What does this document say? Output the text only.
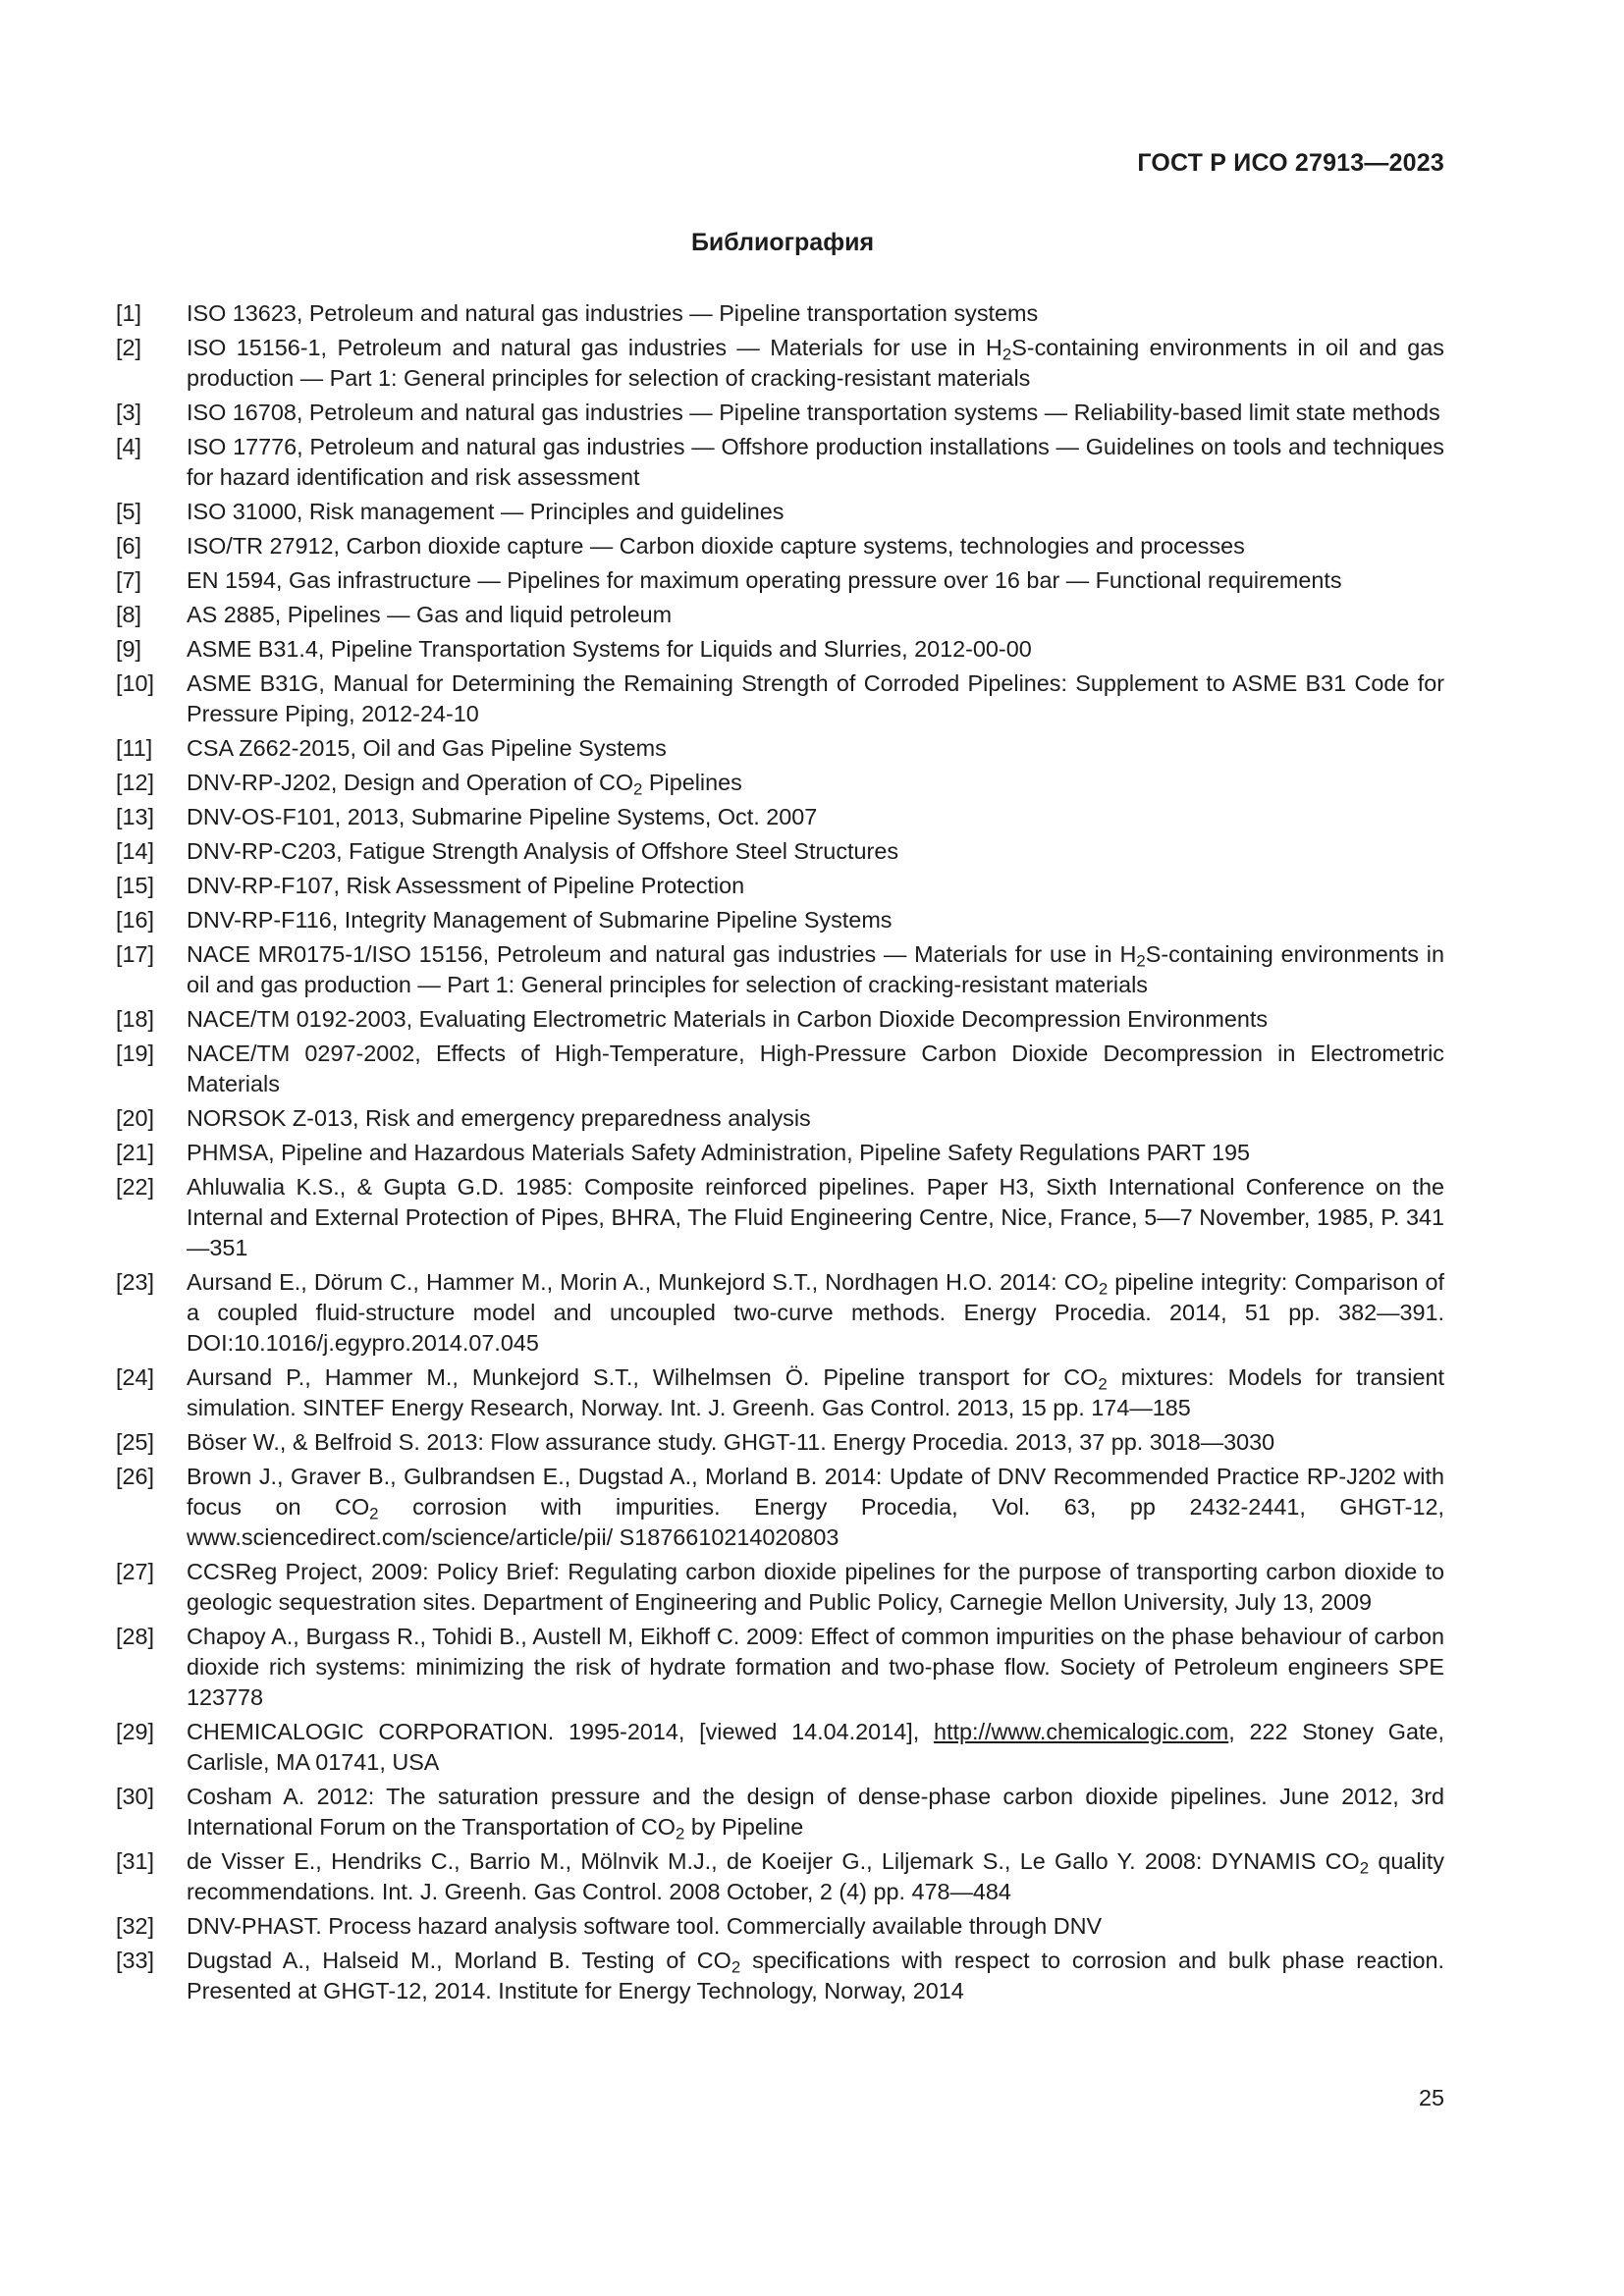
ГОСТ Р ИСО 27913—2023
Библиография
[1]	ISO 13623, Petroleum and natural gas industries — Pipeline transportation systems
[2]	ISO 15156-1, Petroleum and natural gas industries — Materials for use in $H_2S$-containing environments in oil and gas production — Part 1: General principles for selection of cracking-resistant materials
[3]	ISO 16708, Petroleum and natural gas industries — Pipeline transportation systems — Reliability-based limit state methods
[4]	ISO 17776, Petroleum and natural gas industries — Offshore production installations — Guidelines on tools and techniques for hazard identification and risk assessment
[5]	ISO 31000, Risk management — Principles and guidelines
[6]	ISO/TR 27912, Carbon dioxide capture — Carbon dioxide capture systems, technologies and processes
[7]	EN 1594, Gas infrastructure — Pipelines for maximum operating pressure over 16 bar — Functional requirements
[8]	AS 2885, Pipelines — Gas and liquid petroleum
[9]	ASME B31.4, Pipeline Transportation Systems for Liquids and Slurries, 2012-00-00
[10]	ASME B31G, Manual for Determining the Remaining Strength of Corroded Pipelines: Supplement to ASME B31 Code for Pressure Piping, 2012-24-10
[11]	CSA Z662-2015, Oil and Gas Pipeline Systems
[12]	DNV-RP-J202, Design and Operation of $CO_2$ Pipelines
[13]	DNV-OS-F101, 2013, Submarine Pipeline Systems, Oct. 2007
[14]	DNV-RP-C203, Fatigue Strength Analysis of Offshore Steel Structures
[15]	DNV-RP-F107, Risk Assessment of Pipeline Protection
[16]	DNV-RP-F116, Integrity Management of Submarine Pipeline Systems
[17]	NACE MR0175-1/ISO 15156, Petroleum and natural gas industries — Materials for use in $H_2S$-containing environments in oil and gas production — Part 1: General principles for selection of cracking-resistant materials
[18]	NACE/TM 0192-2003, Evaluating Electrometric Materials in Carbon Dioxide Decompression Environments
[19]	NACE/TM 0297-2002, Effects of High-Temperature, High-Pressure Carbon Dioxide Decompression in Electrometric Materials
[20]	NORSOK Z-013, Risk and emergency preparedness analysis
[21]	PHMSA, Pipeline and Hazardous Materials Safety Administration, Pipeline Safety Regulations PART 195
[22]	Ahluwalia K.S., & Gupta G.D. 1985: Composite reinforced pipelines. Paper H3, Sixth International Conference on the Internal and External Protection of Pipes, BHRA, The Fluid Engineering Centre, Nice, France, 5—7 November, 1985, P. 341—351
[23]	Aursand E., Dörum C., Hammer M., Morin A., Munkejord S.T., Nordhagen H.O. 2014: $CO_2$ pipeline integrity: Comparison of a coupled fluid-structure model and uncoupled two-curve methods. Energy Procedia. 2014, 51 pp. 382—391. DOI:10.1016/j.egypro.2014.07.045
[24]	Aursand P., Hammer M., Munkejord S.T., Wilhelmsen Ö. Pipeline transport for $CO_2$ mixtures: Models for transient simulation. SINTEF Energy Research, Norway. Int. J. Greenh. Gas Control. 2013, 15 pp. 174—185
[25]	Böser W., & Belfroid S. 2013: Flow assurance study. GHGT-11. Energy Procedia. 2013, 37 pp. 3018—3030
[26]	Brown J., Graver B., Gulbrandsen E., Dugstad A., Morland B. 2014: Update of DNV Recommended Practice RP-J202 with focus on $CO_2$ corrosion with impurities. Energy Procedia, Vol. 63, pp 2432-2441, GHGT-12, www.sciencedirect.com/science/article/pii/ S1876610214020803
[27]	CCSReg Project, 2009: Policy Brief: Regulating carbon dioxide pipelines for the purpose of transporting carbon dioxide to geologic sequestration sites. Department of Engineering and Public Policy, Carnegie Mellon University, July 13, 2009
[28]	Chapoy A., Burgass R., Tohidi B., Austell M, Eikhoff C. 2009: Effect of common impurities on the phase behaviour of carbon dioxide rich systems: minimizing the risk of hydrate formation and two-phase flow. Society of Petroleum engineers SPE 123778
[29]	CHEMICALOGIC CORPORATION. 1995-2014, [viewed 14.04.2014], http://www.chemicalogic.com, 222 Stoney Gate, Carlisle, MA 01741, USA
[30]	Cosham A. 2012: The saturation pressure and the design of dense-phase carbon dioxide pipelines. June 2012, 3rd International Forum on the Transportation of $CO_2$ by Pipeline
[31]	de Visser E., Hendriks C., Barrio M., Mölnvik M.J., de Koeijer G., Liljemark S., Le Gallo Y. 2008: DYNAMIS $CO_2$ quality recommendations. Int. J. Greenh. Gas Control. 2008 October, 2 (4) pp. 478—484
[32]	DNV-PHAST. Process hazard analysis software tool. Commercially available through DNV
[33]	Dugstad A., Halseid M., Morland B. Testing of $CO_2$ specifications with respect to corrosion and bulk phase reaction. Presented at GHGT-12, 2014. Institute for Energy Technology, Norway, 2014
25
